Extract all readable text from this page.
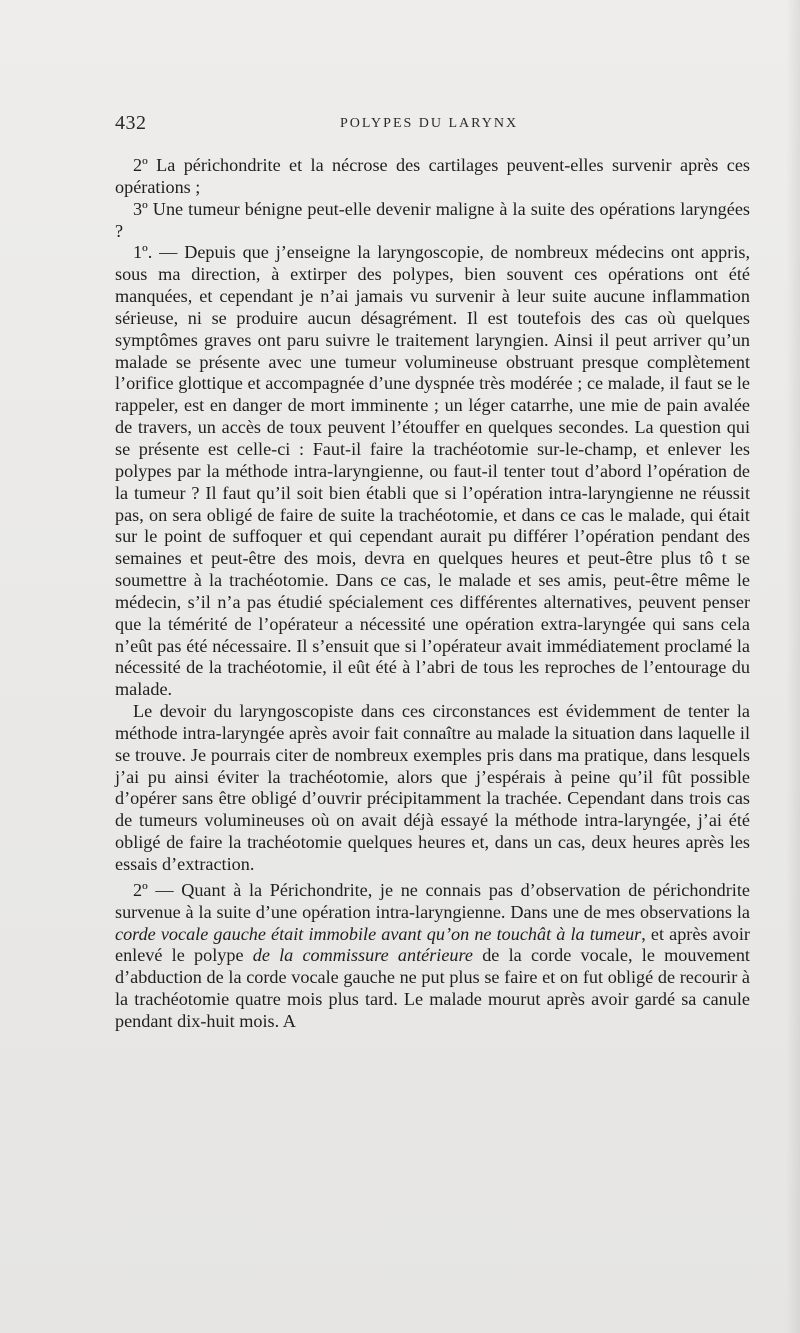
432	POLYPES DU LARYNX

2º La périchondrite et la nécrose des cartilages peuvent-elles survenir après ces opérations ;

3º Une tumeur bénigne peut-elle devenir maligne à la suite des opérations laryngées ?

1º. — Depuis que j’enseigne la laryngoscopie, de nombreux médecins ont appris, sous ma direction, à extirper des polypes, bien souvent ces opérations ont été manquées, et cependant je n’ai jamais vu survenir à leur suite aucune inflammation sérieuse, ni se produire aucun désagrément. Il est toutefois des cas où quelques symptômes graves ont paru suivre le traitement laryngien. Ainsi il peut arriver qu’un malade se présente avec une tumeur volumineuse obstruant presque complètement l’orifice glottique et accompagnée d’une dyspnée très modérée ; ce malade, il faut se le rappeler, est en danger de mort imminente ; un léger catarrhe, une mie de pain avalée de travers, un accès de toux peuvent l’étouffer en quelques secondes. La question qui se présente est celle-ci : Faut-il faire la trachéotomie sur-le-champ, et enlever les polypes par la méthode intra-laryngienne, ou faut-il tenter tout d’abord l’opération de la tumeur ? Il faut qu’il soit bien établi que si l’opération intra-laryngienne ne réussit pas, on sera obligé de faire de suite la trachéotomie, et dans ce cas le malade, qui était sur le point de suffoquer et qui cependant aurait pu différer l’opération pendant des semaines et peut-être des mois, devra en quelques heures et peut-être plus tô t se soumettre à la trachéotomie. Dans ce cas, le malade et ses amis, peut-être même le médecin, s’il n’a pas étudié spécialement ces différentes alternatives, peuvent penser que la témérité de l’opérateur a nécessité une opération extra-laryngée qui sans cela n’eût pas été nécessaire. Il s’ensuit que si l’opérateur avait immédiatement proclamé la nécessité de la trachéotomie, il eût été à l’abri de tous les reproches de l’entourage du malade.

Le devoir du laryngoscopiste dans ces circonstances est évidemment de tenter la méthode intra-laryngée après avoir fait connaître au malade la situation dans laquelle il se trouve. Je pourrais citer de nombreux exemples pris dans ma pratique, dans lesquels j’ai pu ainsi éviter la trachéotomie, alors que j’espérais à peine qu’il fût possible d’opérer sans être obligé d’ouvrir précipitamment la trachée. Cependant dans trois cas de tumeurs volumineuses où on avait déjà essayé la méthode intra-laryngée, j’ai été obligé de faire la trachéotomie quelques heures et, dans un cas, deux heures après les essais d’extraction.

2º — Quant à la Périchondrite, je ne connais pas d’observation de périchondrite survenue à la suite d’une opération intra-laryngienne. Dans une de mes observations la corde vocale gauche était immobile avant qu’on ne touchât à la tumeur, et après avoir enlevé le polype de la commissure antérieure de la corde vocale, le mouvement d’abduction de la corde vocale gauche ne put plus se faire et on fut obligé de recourir à la trachéotomie quatre mois plus tard. Le malade mourut après avoir gardé sa canule pendant dix-huit mois. A
